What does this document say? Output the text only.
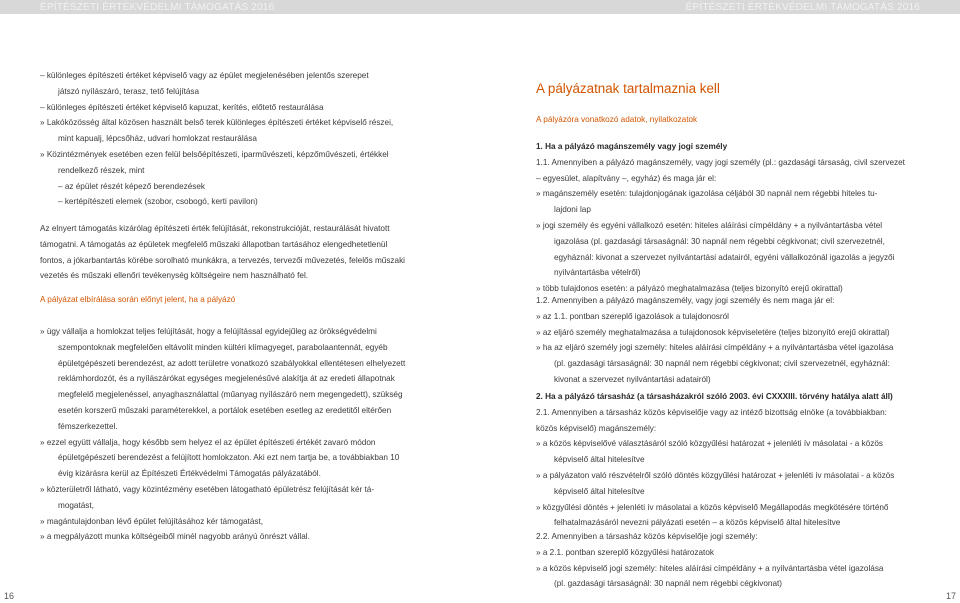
ÉPÍTÉSZETI ÉRTÉKVÉDELMI TÁMOGATÁS 2016	ÉPÍTÉSZETI ÉRTÉKVÉDELMI TÁMOGATÁS 2016
– különleges építészeti értéket képviselő vagy az épület megjelenésében jelentős szerepet
játszó nyílászáró, terasz, tető felújítása
– különleges építészeti értéket képviselő kapuzat, kerítés, előtető restaurálása
» Lakóközösség által közösen használt belső terek különleges építészeti értéket képviselő részei,
mint kapualj, lépcsőház, udvari homlokzat restaurálása
» Közintézmények esetében ezen felül belsőépítészeti, iparművészeti, képzőművészeti, értékkel
rendelkező részek, mint
– az épület részét képező berendezések
– kertépítészeti elemek (szobor, csobogó, kerti pavilon)
Az elnyert támogatás kizárólag építészeti érték felújítását, rekonstrukcióját, restaurálását hivatott
támogatni. A támogatás az épületek megfelelő műszaki állapotban tartásához elengedhetetlenül
fontos, a jókarbantartás körébe sorolható munkákra, a tervezés, tervezői művezetés, felelős műszaki
vezetés és műszaki ellenőri tevékenység költségeire nem használható fel.
A pályázat elbírálása során előnyt jelent, ha a pályázó
» ügy vállalja a homlokzat teljes felújítását, hogy a felújítással egyidejűleg az örökségvédelmi
szempontoknak megfelelően eltávolít minden kültéri klímagyeget, parabolaantennát, egyéb
épületgépészeti berendezést, az adott területre vonatkozó szabályokkal ellentétesen elhelyezett
reklámhordozót, és a nyílászárókat egységes megjelenésűvé alakítja át az eredeti állapotnak
megfelelő megjelenéssel, anyaghasználattal (műanyag nyílászáró nem megengedett), szükség
esetén korszerű műszaki paraméterekkel, a portálok esetében esetleg az eredetitől eltérően
fémszerkezettel.
» ezzel együtt vállalja, hogy később sem helyez el az épület építészeti értékét zavaró módon
épületgépészeti berendezést a felújított homlokzaton. Aki ezt nem tartja be, a továbbiakban 10
évig kizárásra kerül az Építészeti Értékvédelmi Támogatás pályázatából.
» közterületről látható, vagy közintézmény esetében látogatható épületrész felújítását kér tá-
mogatást,
» magántulajdonban lévő épület felújításához kér támogatást,
» a megpályázott munka költségeiből minél nagyobb arányú önrészt vállal.
A pályázatnak tartalmaznia kell
A pályázóra vonatkozó adatok, nyilatkozatok
1. Ha a pályázó magánszemély vagy jogi személy
1.1. Amennyiben a pályázó magánszemély, vagy jogi személy (pl.: gazdasági társaság, civil szervezet
– egyesület, alapítvány –, egyház) és maga jár el:
» magánszemély esetén: tulajdonjogának igazolása céljából 30 napnál nem régebbi hiteles tu-
lajdoni lap
» jogi személy és egyéni vállalkozó esetén: hiteles aláírási címpéldány + a nyilvántartásba vétel
igazolása (pl. gazdasági társaságnál: 30 napnál nem régebbi cégkivonat; civil szervezetnél,
egyháznál: kivonat a szervezet nyilvántartási adatairól, egyéni vállalkozónál igazolás a jegyzői
nyilvántartásba vételről)
» több tulajdonos esetén: a pályázó meghatalmazása (teljes bizonyító erejű okirattal)
1.2. Amennyiben a pályázó magánszemély, vagy jogi személy és nem maga jár el:
» az 1.1. pontban szereplő igazolások a tulajdonosról
» az eljáró személy meghatalmazása a tulajdonosok képviseletére (teljes bizonyító erejű okirattal)
» ha az eljáró személy jogi személy: hiteles aláírási címpéldány + a nyilvántartásba vétel igazolása
(pl. gazdasági társaságnál: 30 napnál nem régebbi cégkivonat; civil szervezetnél, egyháznál:
kivonat a szervezet nyilvántartási adatairól)
2. Ha a pályázó társasház (a társasházakról szóló 2003. évi CXXXIII. törvény hatálya alatt áll)
2.1. Amennyiben a társasház közös képviselője vagy az intéző bizottság elnöke (a továbbiakban:
közös képviselő) magánszemély:
» a közös képviselővé választásáról szóló közgyűlési határozat + jelenléti ív másolatai - a közös
képviselő által hitelesítve
» a pályázaton való részvételről szóló döntés közgyűlési határozat + jelenléti ív másolatai - a közös
képviselő által hitelesítve
» közgyűlési döntés + jelenléti ív másolatai a közös képviselő Megállapodás megkötésére történő
felhatalmazásáról nevezni pályázati esetén – a közös képviselő által hitelesítve
2.2. Amennyiben a társasház közös képviselője jogi személy:
» a 2.1. pontban szereplő közgyűlési határozatok
» a közös képviselő jogi személy: hiteles aláírási címpéldány + a nyilvántartásba vétel igazolása
(pl. gazdasági társaságnál: 30 napnál nem régebbi cégkivonat)
16	17
